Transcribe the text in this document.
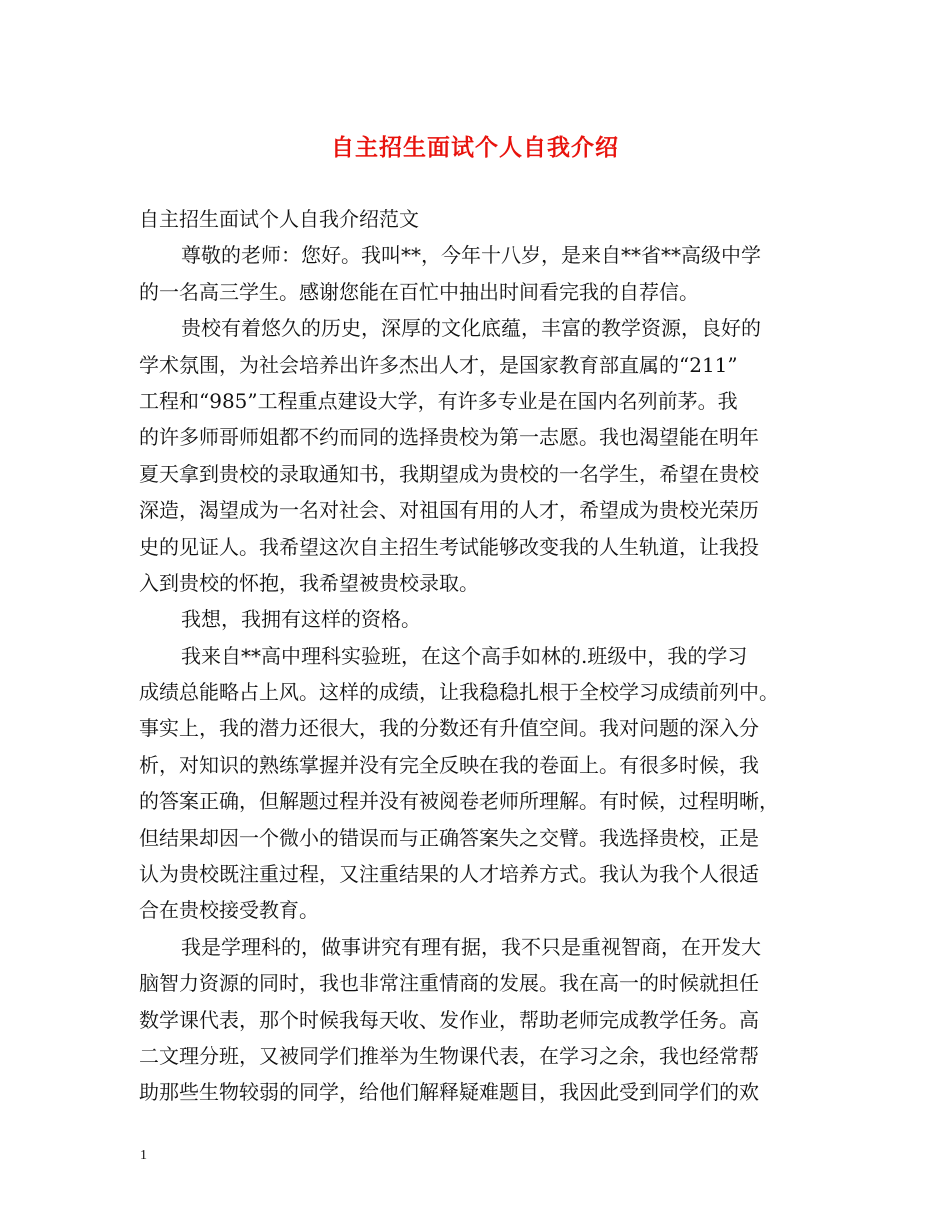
自主招生面试个人自我介绍
自主招生面试个人自我介绍范文
尊敬的老师：您好。我叫**，今年十八岁，是来自**省**高级中学
的一名高三学生。感谢您能在百忙中抽出时间看完我的自荐信。
贵校有着悠久的历史，深厚的文化底蕴，丰富的教学资源，良好的
学术氛围，为社会培养出许多杰出人才，是国家教育部直属的“211”
工程和“985”工程重点建设大学，有许多专业是在国内名列前茅。我
的许多师哥师姐都不约而同的选择贵校为第一志愿。我也渴望能在明年
夏天拿到贵校的录取通知书，我期望成为贵校的一名学生，希望在贵校
深造，渴望成为一名对社会、对祖国有用的人才，希望成为贵校光荣历
史的见证人。我希望这次自主招生考试能够改变我的人生轨道，让我投
入到贵校的怀抱，我希望被贵校录取。
我想，我拥有这样的资格。
我来自**高中理科实验班，在这个高手如林的.班级中，我的学习
成绩总能略占上风。这样的成绩，让我稳稳扎根于全校学习成绩前列中。
事实上，我的潜力还很大，我的分数还有升值空间。我对问题的深入分
析，对知识的熟练掌握并没有完全反映在我的卷面上。有很多时候，我
的答案正确，但解题过程并没有被阅卷老师所理解。有时候，过程明晰，
但结果却因一个微小的错误而与正确答案失之交臂。我选择贵校，正是
认为贵校既注重过程，又注重结果的人才培养方式。我认为我个人很适
合在贵校接受教育。
我是学理科的，做事讲究有理有据，我不只是重视智商，在开发大
脑智力资源的同时，我也非常注重情商的发展。我在高一的时候就担任
数学课代表，那个时候我每天收、发作业，帮助老师完成教学任务。高
二文理分班，又被同学们推举为生物课代表，在学习之余，我也经常帮
助那些生物较弱的同学，给他们解释疑难题目，我因此受到同学们的欢
1
